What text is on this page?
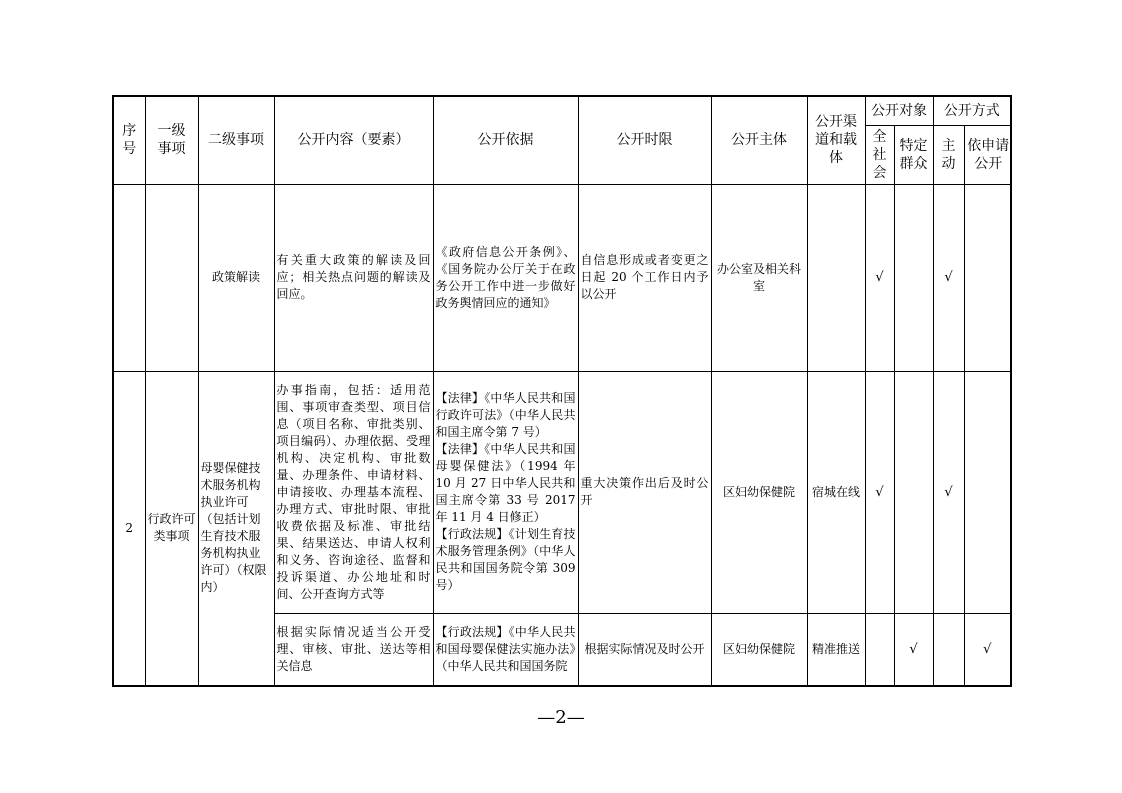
序号	一级事项	二级事项	公开内容（要素）	公开依据	公开时限	公开主体	公开渠道和载体	公开对象		公开方式	
								全社会	特定群众	主动	依申请公开
		政策解读	有关重大政策的解读及回应；相关热点问题的解读及回应。	《政府信息公开条例》、《国务院办公厅关于在政务公开工作中进一步做好政务舆情回应的通知》	自信息形成或者变更之日起 20 个工作日内予以公开	办公室及相关科室		√		√	
2	行政许可类事项	母婴保健技术服务机构执业许可（包括计划生育技术服务机构执业许可）（权限内）	办事指南，包括：适用范围、事项审查类型、项目信息（项目名称、审批类别、项目编码）、办理依据、受理机构、决定机构、审批数量、办理条件、申请材料、申请接收、办理基本流程、办理方式、审批时限、审批收费依据及标准、审批结果、结果送达、申请人权利和义务、咨询途径、监督和投诉渠道、办公地址和时间、公开查询方式等	【法律】《中华人民共和国行政许可法》（中华人民共和国主席令第 7 号）
【法律】《中华人民共和国母婴保健法》（1994 年 10 月 27 日中华人民共和国主席令第 33 号 2017 年 11 月 4 日修正）
【行政法规】《计划生育技术服务管理条例》（中华人民共和国国务院令第 309 号）	重大决策作出后及时公开	区妇幼保健院	宿城在线	√		√	
			根据实际情况适当公开受理、审核、审批、送达等相关信息	【行政法规】《中华人民共和国母婴保健法实施办法》（中华人民共和国国务院	根据实际情况及时公开	区妇幼保健院	精准推送		√		√
—2—
